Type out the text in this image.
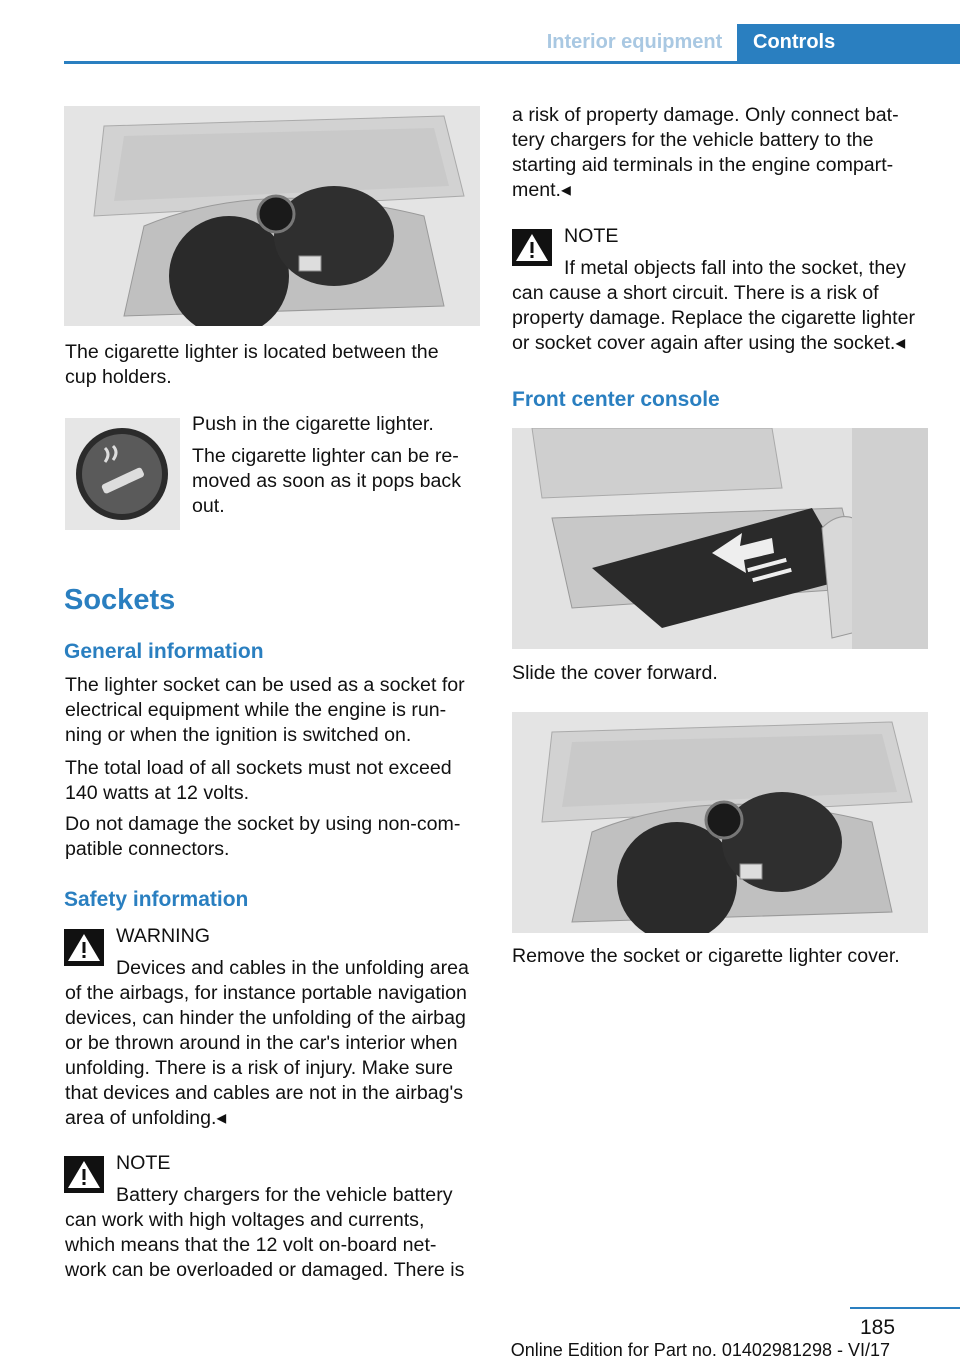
Interior equipment	Controls
The cigarette lighter is located between the cup holders.
Push in the cigarette lighter.
The cigarette lighter can be re-moved as soon as it pops back out.
Sockets
General information
The lighter socket can be used as a socket for electrical equipment while the engine is run-ning or when the ignition is switched on.
The total load of all sockets must not exceed 140 watts at 12 volts.
Do not damage the socket by using non-com-patible connectors.
Safety information
WARNING

Devices and cables in the unfolding area of the airbags, for instance portable navigation devices, can hinder the unfolding of the airbag or be thrown around in the car's interior when unfolding. There is a risk of injury. Make sure that devices and cables are not in the airbag's area of unfolding.◂

NOTE

Battery chargers for the vehicle battery can work with high voltages and currents, which means that the 12 volt on-board net-work can be overloaded or damaged. There is

a risk of property damage. Only connect bat-tery chargers for the vehicle battery to the starting aid terminals in the engine compart-ment.◂
NOTE

If metal objects fall into the socket, they can cause a short circuit. There is a risk of property damage. Replace the cigarette lighter or socket cover again after using the socket.◂

Front center console
Slide the cover forward.
Remove the socket or cigarette lighter cover.
185
Online Edition for Part no. 01402981298 - VI/17
